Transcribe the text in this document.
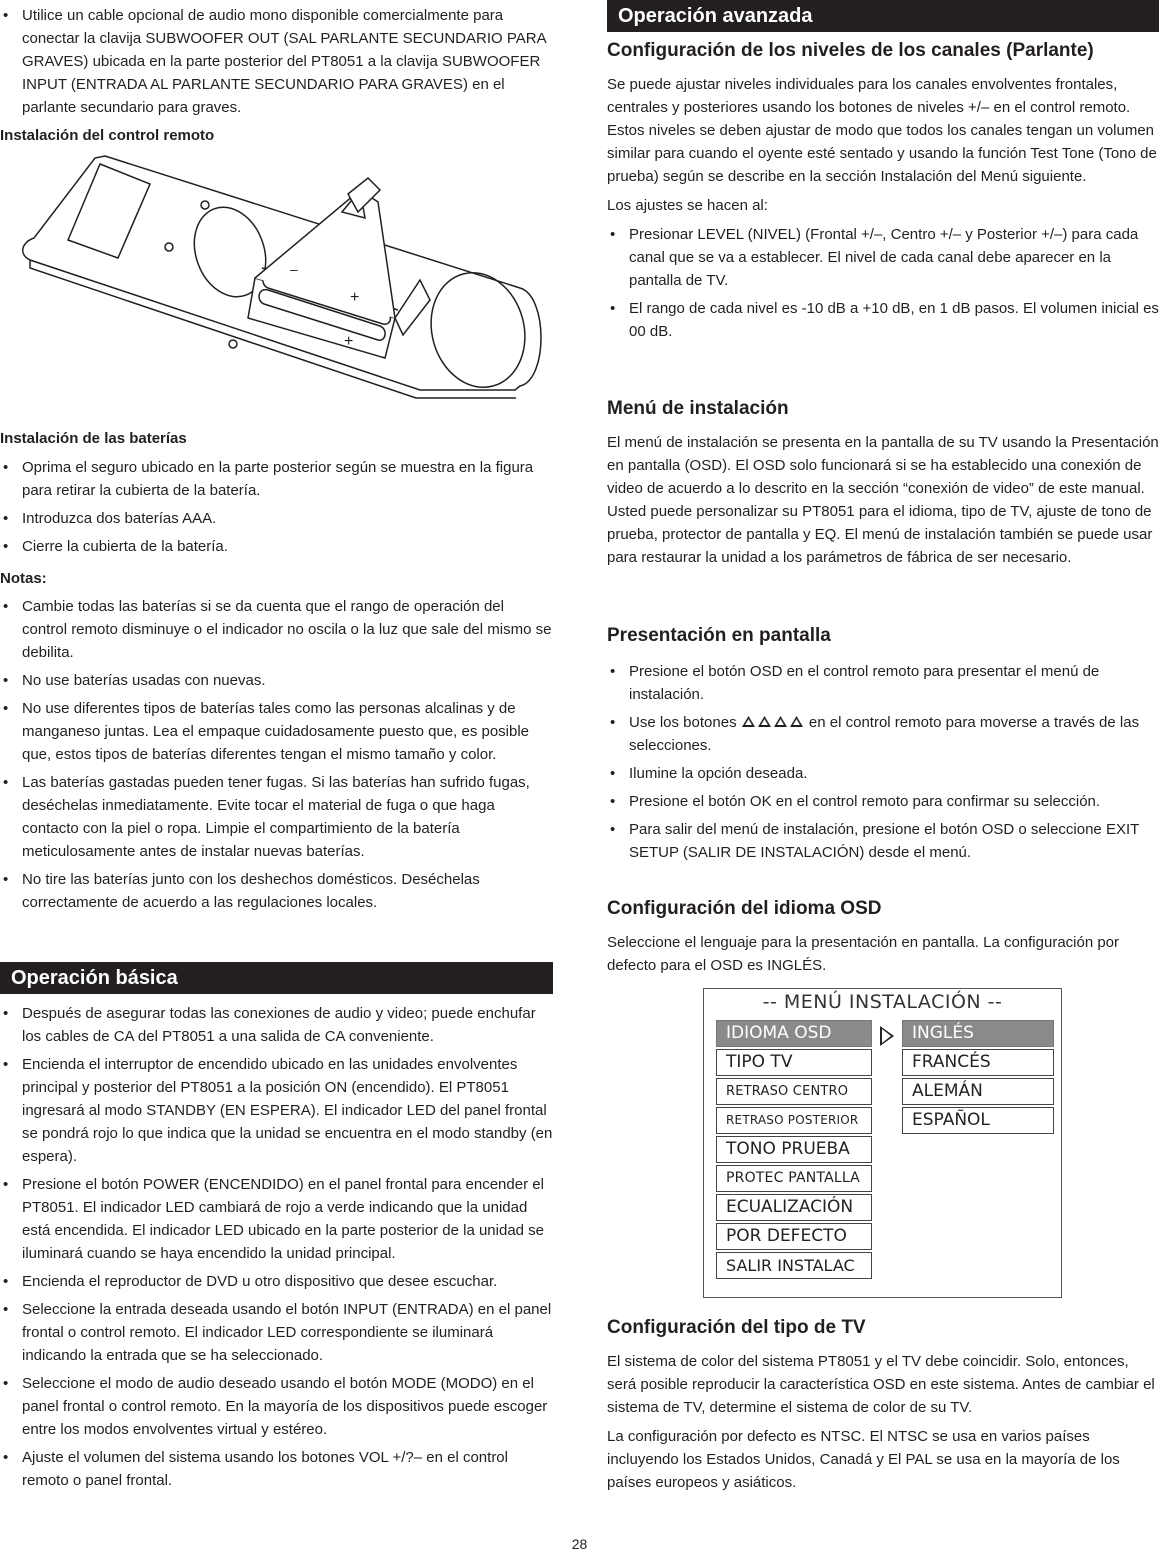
• Utilice un cable opcional de audio mono disponible comercialmente para conectar la clavija SUBWOOFER OUT (SAL PARLANTE SECUNDARIO PARA GRAVES) ubicada en la parte posterior del PT8051 a la clavija SUBWOOFER INPUT (ENTRADA AL PARLANTE SECUNDARIO PARA GRAVES) en el parlante secundario para graves.
Instalación del control remoto
+
–
+
Instalación de las baterías
• Oprima el seguro ubicado en la parte posterior según se muestra en la figura para retirar la cubierta de la batería.
• Introduzca dos baterías AAA.
• Cierre la cubierta de la batería.
Notas:
• Cambie todas las baterías si se da cuenta que el rango de operación del control remoto disminuye o el indicador no oscila o la luz que sale del mismo se debilita.
• No use baterías usadas con nuevas.
• No use diferentes tipos de baterías tales como las personas alcalinas y de manganeso juntas. Lea el empaque cuidadosamente puesto que, es posible que, estos tipos de baterías diferentes tengan el mismo tamaño y color.
• Las baterías gastadas pueden tener fugas. Si las baterías han sufrido fugas, deséchelas inmediatamente. Evite tocar el material de fuga o que haga contacto con la piel o ropa. Limpie el compartimiento de la batería meticulosamente antes de instalar nuevas baterías.
• No tire las baterías junto con los deshechos domésticos. Deséchelas correctamente de acuerdo a las regulaciones locales.
Operación básica
• Después de asegurar todas las conexiones de audio y video; puede enchufar los cables de CA del PT8051 a una salida de CA conveniente.
• Encienda el interruptor de encendido ubicado en las unidades envolventes principal y posterior del PT8051 a la posición ON (encendido). El PT8051 ingresará al modo STANDBY (EN ESPERA). El indicador LED del panel frontal se pondrá rojo lo que indica que la unidad se encuentra en el modo standby (en espera).
• Presione el botón POWER (ENCENDIDO) en el panel frontal para encender el PT8051. El indicador LED cambiará de rojo a verde indicando que la unidad está encendida. El indicador LED ubicado en la parte posterior de la unidad se iluminará cuando se haya encendido la unidad principal.
• Encienda el reproductor de DVD u otro dispositivo que desee escuchar.
• Seleccione la entrada deseada usando el botón INPUT (ENTRADA) en el panel frontal o control remoto. El indicador LED correspondiente se iluminará indicando la entrada que se ha seleccionado.
• Seleccione el modo de audio deseado usando el botón MODE (MODO) en el panel frontal o control remoto. En la mayoría de los dispositivos puede escoger entre los modos envolventes virtual y estéreo.
• Ajuste el volumen del sistema usando los botones VOL +/?– en el control remoto o panel frontal.
Operación avanzada
Configuración de los niveles de los canales (Parlante)

Se puede ajustar niveles individuales para los canales envolventes frontales, centrales y posteriores usando los botones de niveles +/– en el control remoto. Estos niveles se deben ajustar de modo que todos los canales tengan un volumen similar para cuando el oyente esté sentado y usando la función Test Tone (Tono de prueba) según se describe en la sección Instalación del Menú siguiente.

Los ajustes se hacen al:

• Presionar LEVEL (NIVEL) (Frontal +/–, Centro +/– y Posterior +/–) para cada canal que se va a establecer. El nivel de cada canal debe aparecer en la pantalla de TV.
• El rango de cada nivel es -10 dB a +10 dB, en 1 dB pasos. El volumen inicial es 00 dB.
Menú de instalación

El menú de instalación se presenta en la pantalla de su TV usando la Presentación en pantalla (OSD). El OSD solo funcionará si se ha establecido una conexión de video de acuerdo a lo descrito en la sección “conexión de video” de este manual. Usted puede personalizar su PT8051 para el idioma, tipo de TV, ajuste de tono de prueba, protector de pantalla y EQ. El menú de instalación también se puede usar para restaurar la unidad a los parámetros de fábrica de ser necesario.

Presentación en pantalla
• Presione el botón OSD en el control remoto para presentar el menú de instalación.
• Use los botones	en el control remoto para moverse a través de las selecciones.
• Ilumine la opción deseada.
• Presione el botón OK en el control remoto para confirmar su selección.
• Para salir del menú de instalación, presione el botón OSD o seleccione EXIT SETUP (SALIR DE INSTALACIÓN) desde el menú.
Configuración del idioma OSD

Seleccione el lenguaje para la presentación en pantalla. La configuración por defecto para el OSD es INGLÉS.

Configuración del tipo de TV

El sistema de color del sistema PT8051 y el TV debe coincidir. Solo, entonces, será posible reproducir la característica OSD en este sistema. Antes de cambiar el sistema de TV, determine el sistema de color de su TV.

La configuración por defecto es NTSC. El NTSC se usa en varios países incluyendo los Estados Unidos, Canadá y El PAL se usa en la mayoría de los países europeos y asiáticos.

-- MENÚ INSTALACIÓN --
IDIOMA OSD
TIPO TV
RETRASO CENTRO
RETRASO POSTERIOR
TONO PRUEBA
PROTEC PANTALLA
ECUALIZACIÓN
POR DEFECTO
SALIR INSTALAC
INGLÉS
FRANCÉS
ALEMÁN
ESPAÑOL
28
